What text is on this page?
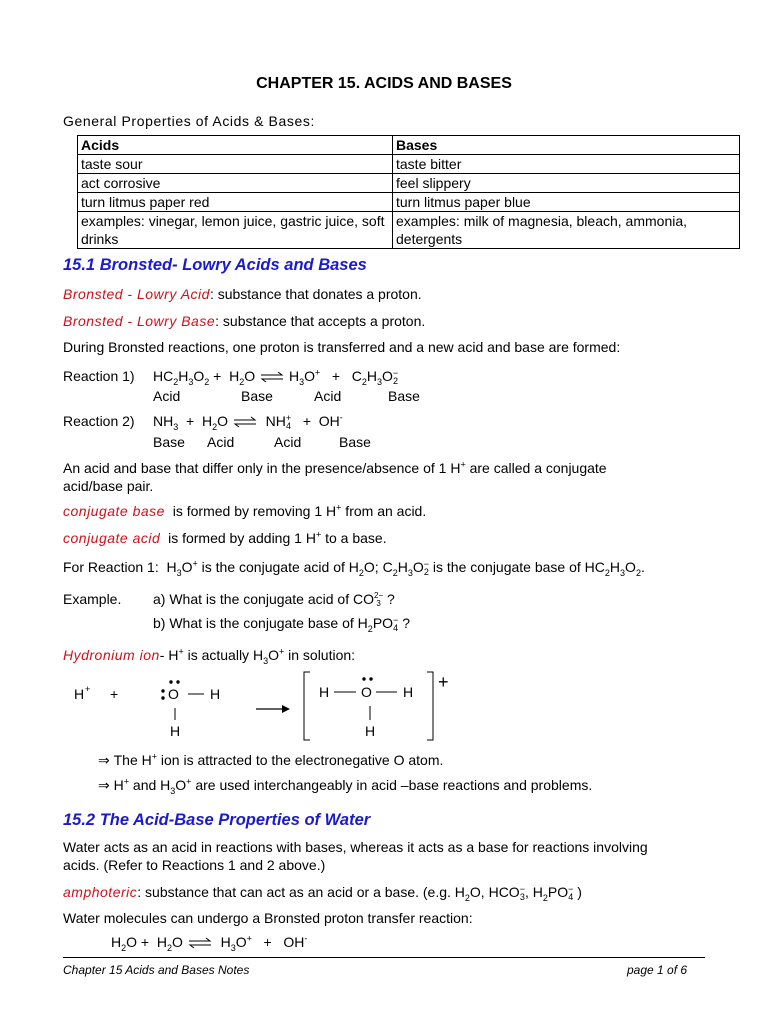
CHAPTER 15. ACIDS AND BASES
General Properties of Acids & Bases:
Acids	Bases
taste sour	taste bitter
act corrosive	feel slippery
turn litmus paper red	turn litmus paper blue
examples: vinegar, lemon juice, gastric juice, soft drinks	examples: milk of magnesia, bleach, ammonia, detergents
15.1 Bronsted- Lowry Acids and Bases
Bronsted - Lowry Acid: substance that donates a proton.
Bronsted - Lowry Base: substance that accepts a proton.
During Bronsted reactions, one proton is transferred and a new acid and base are formed:
Reaction 1) $HC_2H_3O_2 + H_2O$ ⇌ $H_3O^+ + C_2H_3O-$
2
Acid	Base	Acid	Base
Reaction 2) $NH_3 + H_2O$ ⇌ NH+
4   +  OH-
Base Acid	Acid	Base
An acid and base that differ only in the presence/absence of 1 H+ are called a conjugate
acid/base pair.
conjugate base  is formed by removing 1 H+ from an acid.
conjugate acid  is formed by adding 1 H+ to a base.
For Reaction 1:  $H_3O^+$ is the conjugate acid of $H_2O$; $C_2H_3O-$
2 is the conjugate base of $HC_2H_3O_2$.
Example. a) What is the conjugate acid of CO2−
3 ?
b) What is the conjugate base of $H_2PO-$
4 ?
Hydronium ion- H+ is actually $H_3O^+$ in solution:
H + +	O H
H
+
H O H
H
⇒ The H+ ion is attracted to the electronegative O atom.
⇒ H+ and $H_3O^+$ are used interchangeably in acid –base reactions and problems.
15.2 The Acid-Base Properties of Water
Water acts as an acid in reactions with bases, whereas it acts as a base for reactions involving
acids. (Refer to Reactions 1 and 2 above.)
amphoteric: substance that can act as an acid or a base. (e.g. $H_2O$, HCO−
3, $H_2PO-$
4 )
Water molecules can undergo a Bronsted proton transfer reaction:
$H_2O + H_2O$ ⇌ $H_3O^+ + OH^-$
Chapter 15 Acids and Bases Notes	page 1 of 6
